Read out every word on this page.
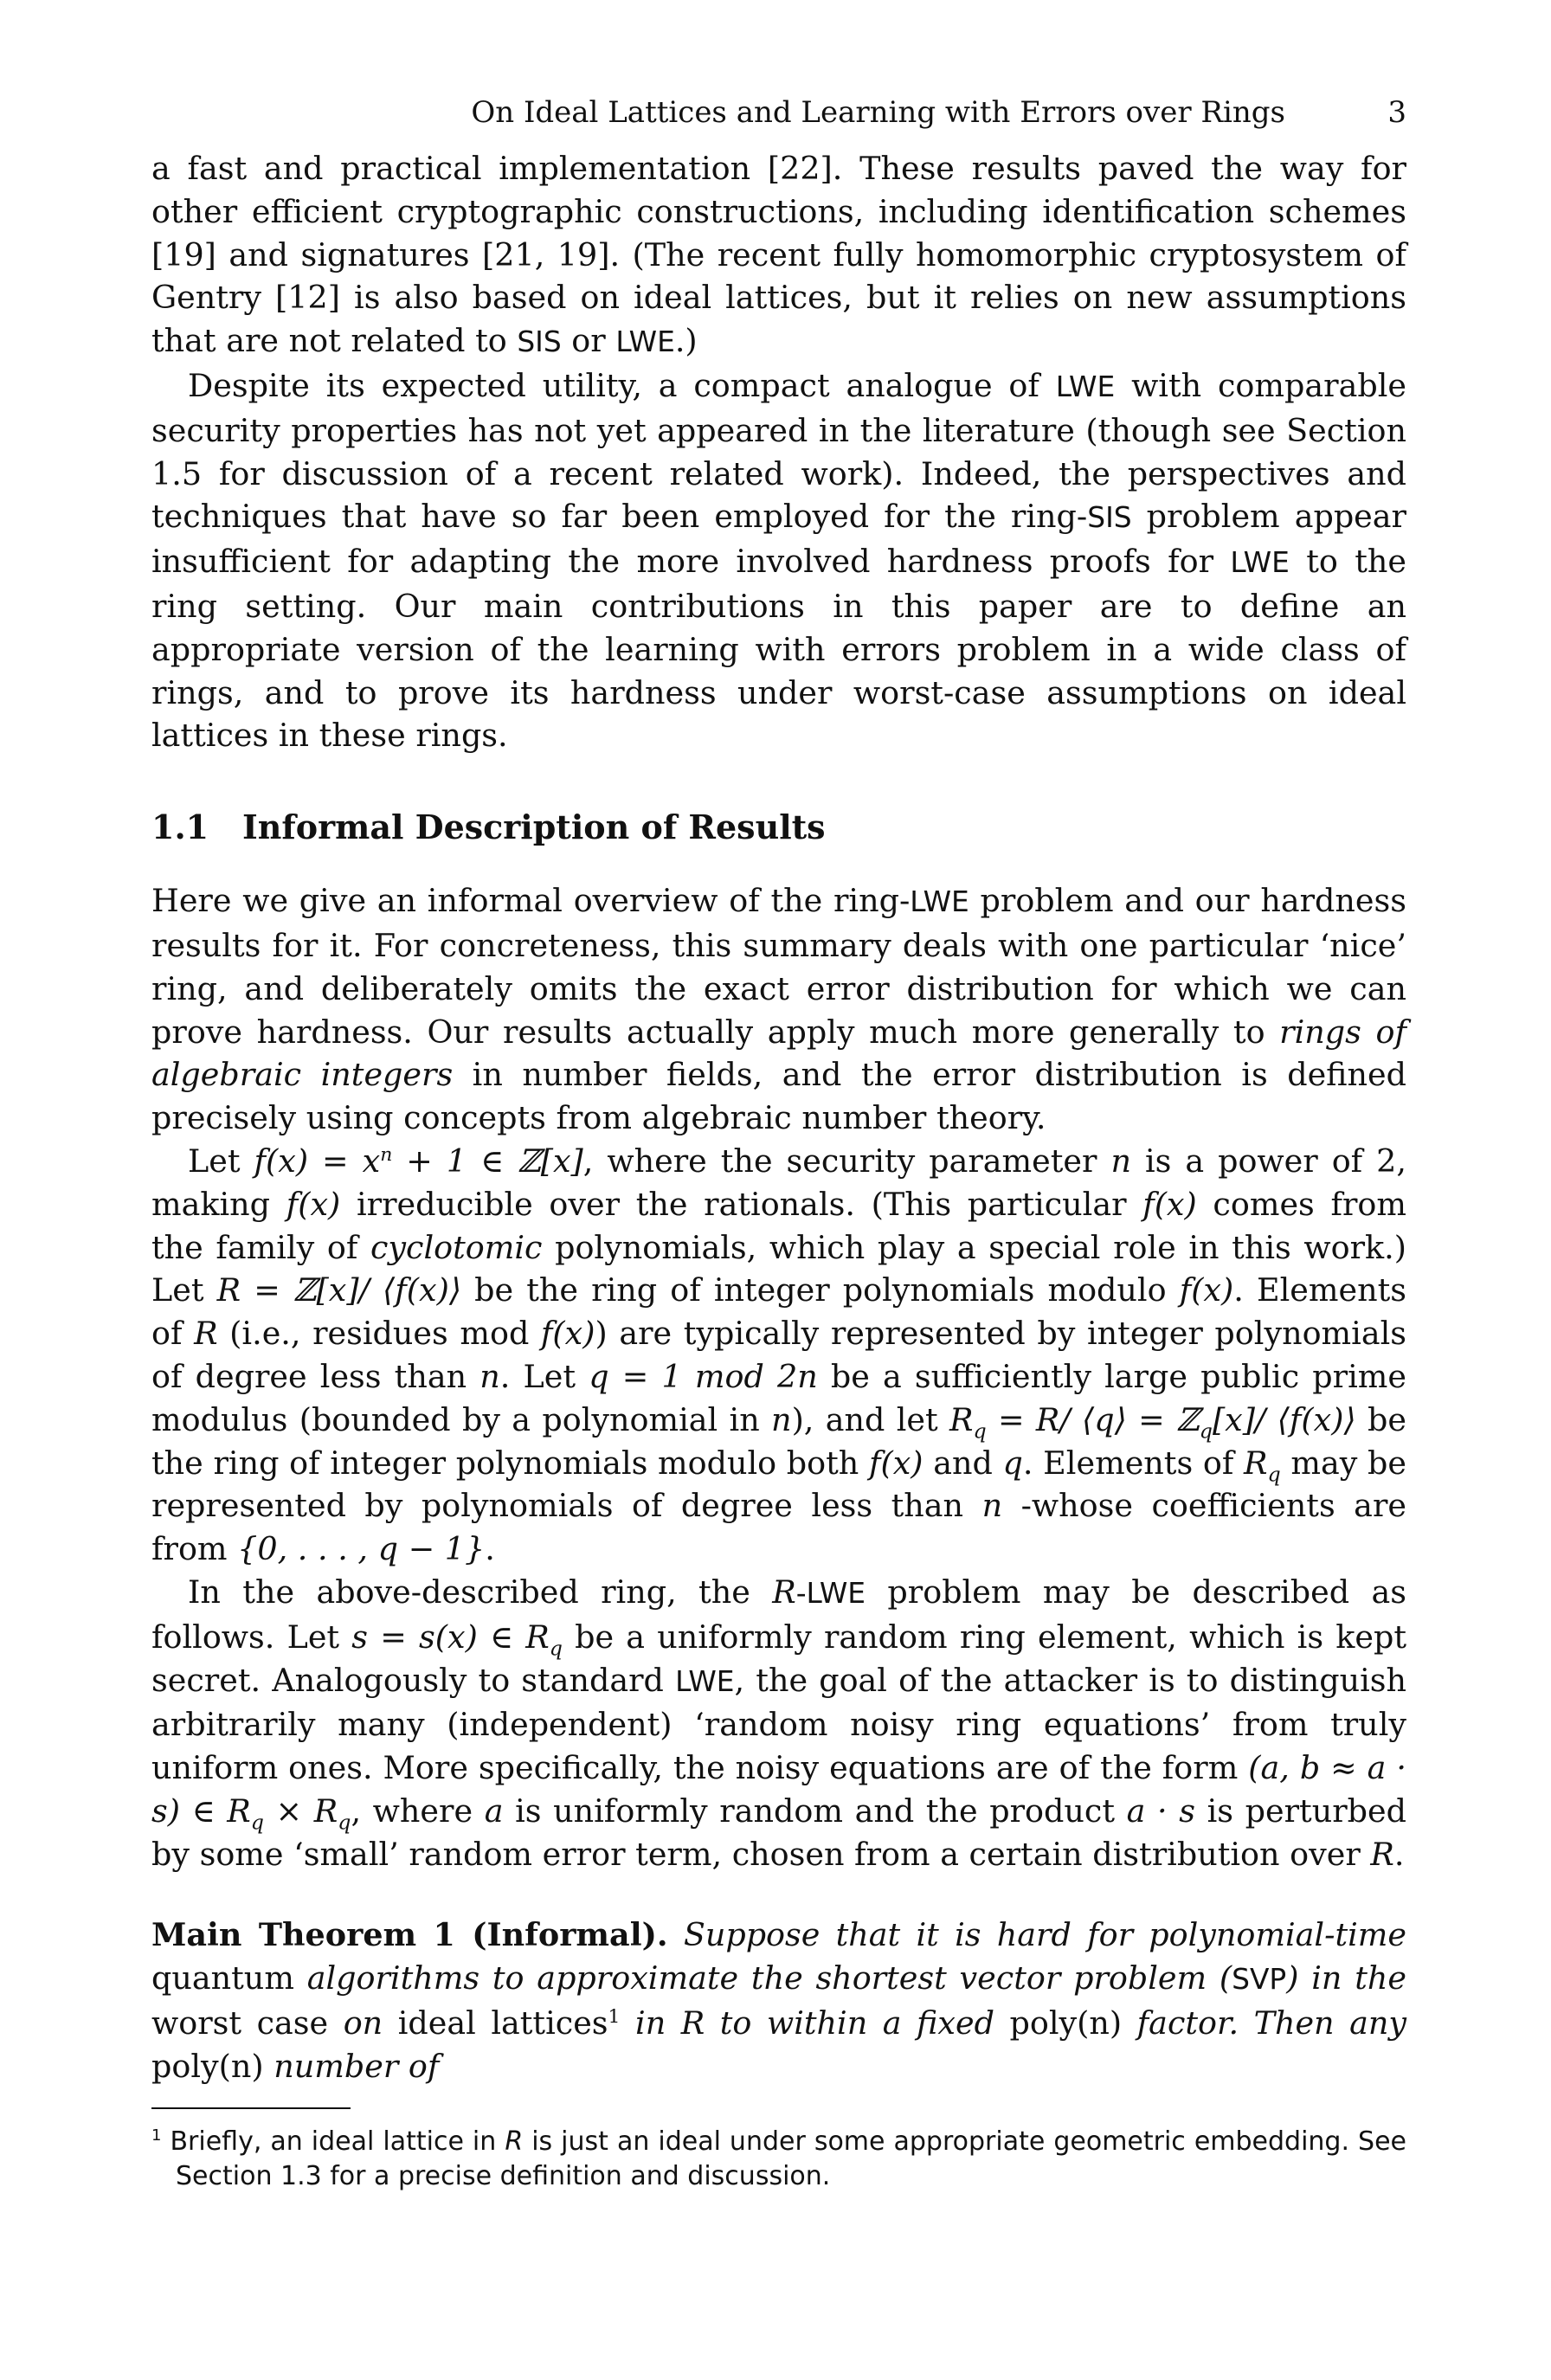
On Ideal Lattices and Learning with Errors over Rings	3

a fast and practical implementation [22]. These results paved the way for other efficient cryptographic constructions, including identification schemes [19] and signatures [21, 19]. (The recent fully homomorphic cryptosystem of Gentry [12] is also based on ideal lattices, but it relies on new assumptions that are not related to SIS or LWE.)

Despite its expected utility, a compact analogue of LWE with comparable security properties has not yet appeared in the literature (though see Section 1.5 for discussion of a recent related work). Indeed, the perspectives and techniques that have so far been employed for the ring-SIS problem appear insufficient for adapting the more involved hardness proofs for LWE to the ring setting. Our main contributions in this paper are to define an appropriate version of the learning with errors problem in a wide class of rings, and to prove its hardness under worst-case assumptions on ideal lattices in these rings.

1.1 Informal Description of Results

Here we give an informal overview of the ring-LWE problem and our hardness results for it. For concreteness, this summary deals with one particular ‘nice’ ring, and deliberately omits the exact error distribution for which we can prove hardness. Our results actually apply much more generally to rings of algebraic integers in number fields, and the error distribution is defined precisely using concepts from algebraic number theory.

Let $f(x) = x^n + 1$ ∈ ℤ[x], where the security parameter n is a power of 2, making f(x) irreducible over the rationals. (This particular f(x) comes from the family of cyclotomic polynomials, which play a special role in this work.) Let R = ℤ[x]/ ⟨f(x)⟩ be the ring of integer polynomials modulo f(x). Elements of R (i.e., residues mod f(x)) are typically represented by integer polynomials of degree less than n. Let q = 1 mod 2n be a sufficiently large public prime modulus (bounded by a polynomial in n), and let $R_q = R/$ ⟨q⟩ = ℤ$_q$[x]/ ⟨f(x)⟩ be the ring of integer polynomials modulo both f(x) and q. Elements of $R_q$ may be represented by polynomials of degree less than n -whose coefficients are from {0, . . . , q − 1}.

In the above-described ring, the R-LWE problem may be described as follows. Let s = s(x) ∈ $R_q$ be a uniformly random ring element, which is kept secret. Analogously to standard LWE, the goal of the attacker is to distinguish arbitrarily many (independent) ‘random noisy ring equations’ from truly uniform ones. More specifically, the noisy equations are of the form (a, b ≈ a · s) ∈ $R_q \times R_q$, where a is uniformly random and the product a · s is perturbed by some ‘small’ random error term, chosen from a certain distribution over R.

Main Theorem 1 (Informal). Suppose that it is hard for polynomial-time quantum algorithms to approximate the shortest vector problem (SVP) in the worst case on ideal lattices$^1$ in R to within a fixed poly(n) factor. Then any poly(n) number of

$^1$ Briefly, an ideal lattice in R is just an ideal under some appropriate geometric embedding. See Section 1.3 for a precise definition and discussion.
